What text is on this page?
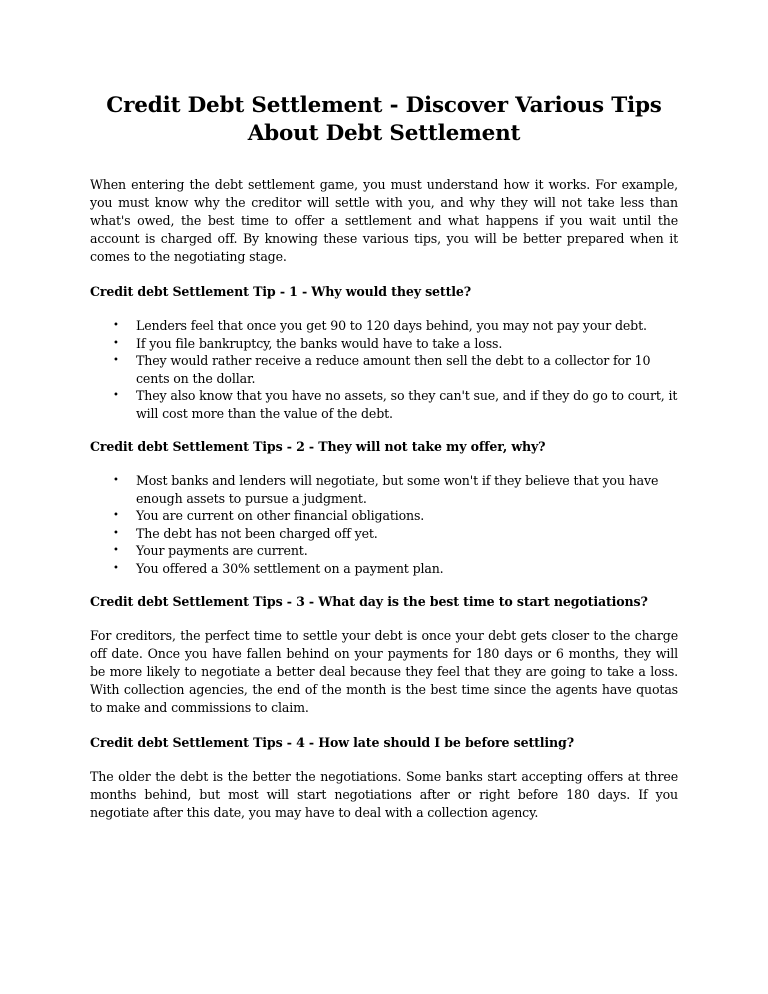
Credit Debt Settlement - Discover Various Tips
About Debt Settlement

When entering the debt settlement game, you must understand how it works. For example, you must know why the creditor will settle with you, and why they will not take less than what's owed, the best time to offer a settlement and what happens if you wait until the account is charged off. By knowing these various tips, you will be better prepared when it comes to the negotiating stage.

Credit debt Settlement Tip - 1 - Why would they settle?

• Lenders feel that once you get 90 to 120 days behind, you may not pay your debt.
• If you file bankruptcy, the banks would have to take a loss.
• They would rather receive a reduce amount then sell the debt to a collector for 10 cents on the dollar.
• They also know that you have no assets, so they can't sue, and if they do go to court, it will cost more than the value of the debt.

Credit debt Settlement Tips - 2 - They will not take my offer, why?

• Most banks and lenders will negotiate, but some won't if they believe that you have enough assets to pursue a judgment.
• You are current on other financial obligations.
• The debt has not been charged off yet.
• Your payments are current.
• You offered a 30% settlement on a payment plan.

Credit debt Settlement Tips - 3 - What day is the best time to start negotiations?

For creditors, the perfect time to settle your debt is once your debt gets closer to the charge off date. Once you have fallen behind on your payments for 180 days or 6 months, they will be more likely to negotiate a better deal because they feel that they are going to take a loss. With collection agencies, the end of the month is the best time since the agents have quotas to make and commissions to claim.

Credit debt Settlement Tips - 4 - How late should I be before settling?

The older the debt is the better the negotiations. Some banks start accepting offers at three months behind, but most will start negotiations after or right before 180 days. If you negotiate after this date, you may have to deal with a collection agency.
